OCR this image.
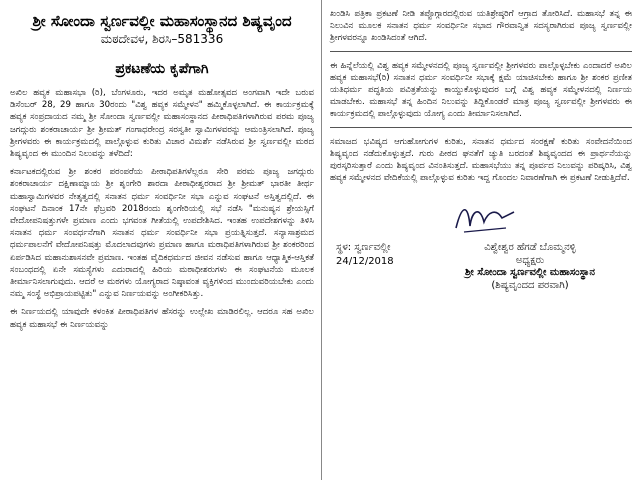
ಶ್ರೀ ಸೋಂದಾ ಸ್ವರ್ಣವಲ್ಲೀ ಮಹಾಸಂಸ್ಥಾನದ ಶಿಷ್ಯವೃಂದ
ಮಠದೇವಳ, ಶಿರಸಿ–581336
ಪ್ರಕಟಣೆಯ ಕೃಪೆಗಾಗಿ

ಅಖಿಲ ಹವ್ಯಕ ಮಹಾಸಭಾ (ರಿ), ಬೆಂಗಳೂರು, ಇದರ ಅಮೃತ ಮಹೋತ್ಸವದ ಅಂಗವಾಗಿ ಇದೇ ಬರುವ ಡಿಸೆಂಬರ್ 28, 29 ಹಾಗೂ 30ರಂದು "ವಿಶ್ವ ಹವ್ಯಕ ಸಮ್ಮೇಳನ" ಹಮ್ಮಿಕೊಳ್ಳಲಾಗಿದೆ. ಈ ಕಾರ್ಯಕ್ರಮಕ್ಕೆ ಹವ್ಯಕ ಸಂಪ್ರದಾಯದ ನಮ್ಮ ಶ್ರೀ ಸೋಂದಾ ಸ್ವರ್ಣವಲ್ಲೀ ಮಹಾಸಂಸ್ಥಾನದ ಪೀಠಾಧಿಪತಿಗಳಾಗಿರುವ ಪರಮ ಪೂಜ್ಯ ಜಗದ್ಗುರು ಶಂಕರಾಚಾರ್ಯ ಶ್ರೀ ಶ್ರೀಮತ್ ಗಂಗಾಧರೇಂದ್ರ ಸರಸ್ವತೀ ಸ್ವಾಮಿಗಳವರನ್ನು ಆಮಂತ್ರಿಸಲಾಗಿದೆ. ಪೂಜ್ಯ ಶ್ರೀಗಳವರು ಈ ಕಾರ್ಯಕ್ರಮದಲ್ಲಿ ಪಾಲ್ಗೊಳ್ಳುವ ಕುರಿತು ವಿಚಾರ ವಿಮರ್ಶೆ ನಡೆಸಿರುವ ಶ್ರೀ ಸ್ವರ್ಣವಲ್ಲೀ ಮಠದ ಶಿಷ್ಯವೃಂದ ಈ ಮುಂದಿನ ನಿಲುವನ್ನು ತಳೆದಿದೆ:

ಕರ್ನಾಟಕದಲ್ಲಿರುವ ಶ್ರೀ ಶಂಕರ ಪರಂಪರೆಯ ಪೀಠಾಧಿಪತಿಗಳೆಲ್ಲರೂ ಸೇರಿ ಪರಮ ಪೂಜ್ಯ ಜಗದ್ಗುರು ಶಂಕರಾಚಾರ್ಯ ದಕ್ಷಿಣಾಮ್ನಾಯ ಶ್ರೀ ಶೃಂಗೇರಿ ಶಾರದಾ ಪೀಠಾಧೀಶ್ವರರಾದ ಶ್ರೀ ಶ್ರೀಮತ್ ಭಾರತೀ ತೀರ್ಥ ಮಹಾಸ್ವಾಮಿಗಳವರ ನೇತೃತ್ವದಲ್ಲಿ ಸನಾತನ ಧರ್ಮ ಸಂವರ್ಧಿನೀ ಸಭಾ ಎನ್ನುವ ಸಂಘಟನೆ ಅಸ್ತಿತ್ವದಲ್ಲಿದೆ. ಈ ಸಂಘಟನೆ ದಿನಾಂಕ 17ನೇ ಫೆಬ್ರವರಿ 2018ರಂದು ಶೃಂಗೇರಿಯಲ್ಲಿ ಸಭೆ ನಡೆಸಿ "ಮನುಷ್ಯನ ಶ್ರೇಯಸ್ಸಿಗೆ ವೇದೋಪನಿಷತ್ತುಗಳೇ ಪ್ರಮಾಣ ಎಂದು ಭಗವಂತ ಗೀತೆಯಲ್ಲಿ ಉಪದೇಶಿಸಿದ. ಇಂತಹ ಉಪದೇಶಗಳನ್ನು ತಿಳಿಸಿ ಸನಾತನ ಧರ್ಮ ಸಂವರ್ಧನೆಗಾಗಿ ಸನಾತನ ಧರ್ಮ ಸಂವರ್ಧಿನೀ ಸಭಾ ಪ್ರಯತ್ನಿಸುತ್ತದೆ. ಸನ್ಯಾಸಾಶ್ರಮದ ಧರ್ಮಪಾಲನೆಗೆ ವೇದೋಪನಿಷತ್ತು ಮೊದಲಾದವುಗಳು ಪ್ರಮಾಣ ಹಾಗೂ ಮಠಾಧಿಪತಿಗಳಾಗಿರುವ ಶ್ರೀ ಶಂಕರರಿಂದ ಏರ್ಪಡಿಸಿದ ಮಹಾನುಶಾಸನವೇ ಪ್ರಮಾಣ. ಇಂತಹ ವೈದಿಕಧರ್ಮದ ಜೀವನ ನಡೆಸುವ ಹಾಗೂ ಆಧ್ಯಾತ್ಮಿಕ-ಆಸ್ತಿಕತೆ ಸಂಬಂಧದಲ್ಲಿ ಏನೇ ಸಮಸ್ಯೆಗಳು ಎದುರಾದಲ್ಲಿ ಹಿರಿಯ ಮಠಾಧೀಶರುಗಳು ಈ ಸಂಘಟನೆಯ ಮೂಲಕ ತೀರ್ಮಾನಿಸಲಾಗುವುದು. ಆದರೆ ಆ ಮಠಗಳು ಯೋಗ್ಯರಾದ ನಿಷ್ಠಾವಂತ ವ್ಯಕ್ತಿಗಳಿಂದ ಮುಂದುವರಿಯಬೇಕು ಎಂದು ನಮ್ಮ ಸಂಸ್ಥೆ ಅಭಿಪ್ರಾಯಪಟ್ಟಿತು" ಎನ್ನುವ ನಿರ್ಣಯವನ್ನು ಅಂಗೀಕರಿಸಿತ್ತು.

ಈ ನಿರ್ಣಯದಲ್ಲಿ ಯಾವುದೇ ಕಳಂಕಿತ ಪೀಠಾಧಿಪತಿಗಳ ಹೆಸರನ್ನು ಉಲ್ಲೇಖ ಮಾಡಿರಲಿಲ್ಲ. ಆದರೂ ಸಹ ಅಖಿಲ ಹವ್ಯಕ ಮಹಾಸಭೆ ಈ ನಿರ್ಣಯವನ್ನು

ಖಂಡಿಸಿ ಪತ್ರಿಕಾ ಪ್ರಕಟಣೆ ನೀಡಿ ತಪ್ಪೊಗ್ಗಾರದಲ್ಲಿರುವ ಯತಿಶ್ರೇಷ್ಠರಿಗೆ ಆಗ್ರಾದ ತೋರಿಸಿದೆ. ಮಹಾಸಭೆ ತನ್ನ ಈ ನಿಲುವಿನ ಮೂಲಕ ಸನಾತನ ಧರ್ಮ ಸಂವರ್ಧಿನೀ ಸಭಾದ ಗೌರವಾನ್ವಿತ ಸದಸ್ಯರಾಗಿರುವ ಪೂಜ್ಯ ಸ್ವರ್ಣವಲ್ಲೀ ಶ್ರೀಗಳವರನ್ನೂ ಖಂಡಿಸಿದಂತೆ ಆಗಿದೆ.

ಈ ಹಿನ್ನೆಲೆಯಲ್ಲಿ ವಿಶ್ವ ಹವ್ಯಕ ಸಮ್ಮೇಳನದಲ್ಲಿ ಪೂಜ್ಯ ಸ್ವರ್ಣವಲ್ಲೀ ಶ್ರೀಗಳವರು ಪಾಲ್ಗೊಳ್ಳಬೇಕು ಎಂದಾದರೆ ಅಖಿಲ ಹವ್ಯಕ ಮಹಾಸಭೆ(ರಿ) ಸನಾತನ ಧರ್ಮ ಸಂವರ್ಧಿನೀ ಸಭಾಕ್ಕೆ ಕ್ಷಮೆ ಯಾಚಿಸಬೇಕು ಹಾಗೂ ಶ್ರೀ ಶಂಕರ ಪ್ರಣೀತ ಯತಿಧರ್ಮ ಪದ್ಧತಿಯ ಪವಿತ್ರತೆಯನ್ನು ಕಾಯ್ದುಕೊಳ್ಳುವುದರ ಬಗ್ಗೆ ವಿಶ್ವ ಹವ್ಯಕ ಸಮ್ಮೇಳನದಲ್ಲಿ ನಿರ್ಣಯ ಮಾಡಬೇಕು. ಮಹಾಸಭೆ ತನ್ನ ಹಿಂದಿನ ನಿಲುವನ್ನು ತಿದ್ದಿಕೊಂಡರೆ ಮಾತ್ರ ಪೂಜ್ಯ ಸ್ವರ್ಣವಲ್ಲೀ ಶ್ರೀಗಳವರು ಈ ಕಾರ್ಯಕ್ರಮದಲ್ಲಿ ಪಾಲ್ಗೊಳ್ಳುವುದು ಯೋಗ್ಯ ಎಂದು ತೀರ್ಮಾನಿಸಲಾಗಿದೆ.

ಸಮಾಜದ ಭವಿಷ್ಯದ ಆಗುಹೋಗುಗಳ ಕುರಿತು, ಸನಾತನ ಧರ್ಮದ ಸಂರಕ್ಷಣೆ ಕುರಿತು ಸಂವೇದನೆಯಿಂದ ಶಿಷ್ಯವೃಂದ ನಡೆದುಕೊಳ್ಳುತ್ತದೆ. ಗುರು ಪೀಠದ ಘನತೆಗೆ ಚ್ಯುತಿ ಬರದಂತೆ ಶಿಷ್ಯವೃಂದದ ಈ ಪ್ರಾರ್ಥನೆಯನ್ನು ಪುರಸ್ಕರಿಸುತ್ತಾರೆ ಎಂದು ಶಿಷ್ಯವೃಂದ ವಿನಂತಿಸುತ್ತದೆ. ಮಹಾಸಭೆಯು ತನ್ನ ಪೂರ್ವದ ನಿಲುವನ್ನು ಪರಿಷ್ಕರಿಸಿ, ವಿಶ್ವ ಹವ್ಯಕ ಸಮ್ಮೇಳನದ ವೇದಿಕೆಯಲ್ಲಿ ಪಾಲ್ಗೊಳ್ಳುವ ಕುರಿತು ಇದ್ದ ಗೊಂದಲ ನಿವಾರಣೆಗಾಗಿ ಈ ಪ್ರಕಟಣೆ ನೀಡುತ್ತಿದೆವೆ.

ಸ್ಥಳ: ಸ್ವರ್ಣವಲ್ಲೀ
24/12/2018
ವಿಶ್ವೇಶ್ವರ ಹೆಗಡೆ ಬೊಮ್ಮನಳ್ಳಿ
ಅಧ್ಯಕ್ಷರು
ಶ್ರೀ ಸೋಂದಾ ಸ್ವರ್ಣವಲ್ಲೀ ಮಹಾಸಂಸ್ಥಾನ
(ಶಿಷ್ಯವೃಂದದ ಪರವಾಗಿ)
